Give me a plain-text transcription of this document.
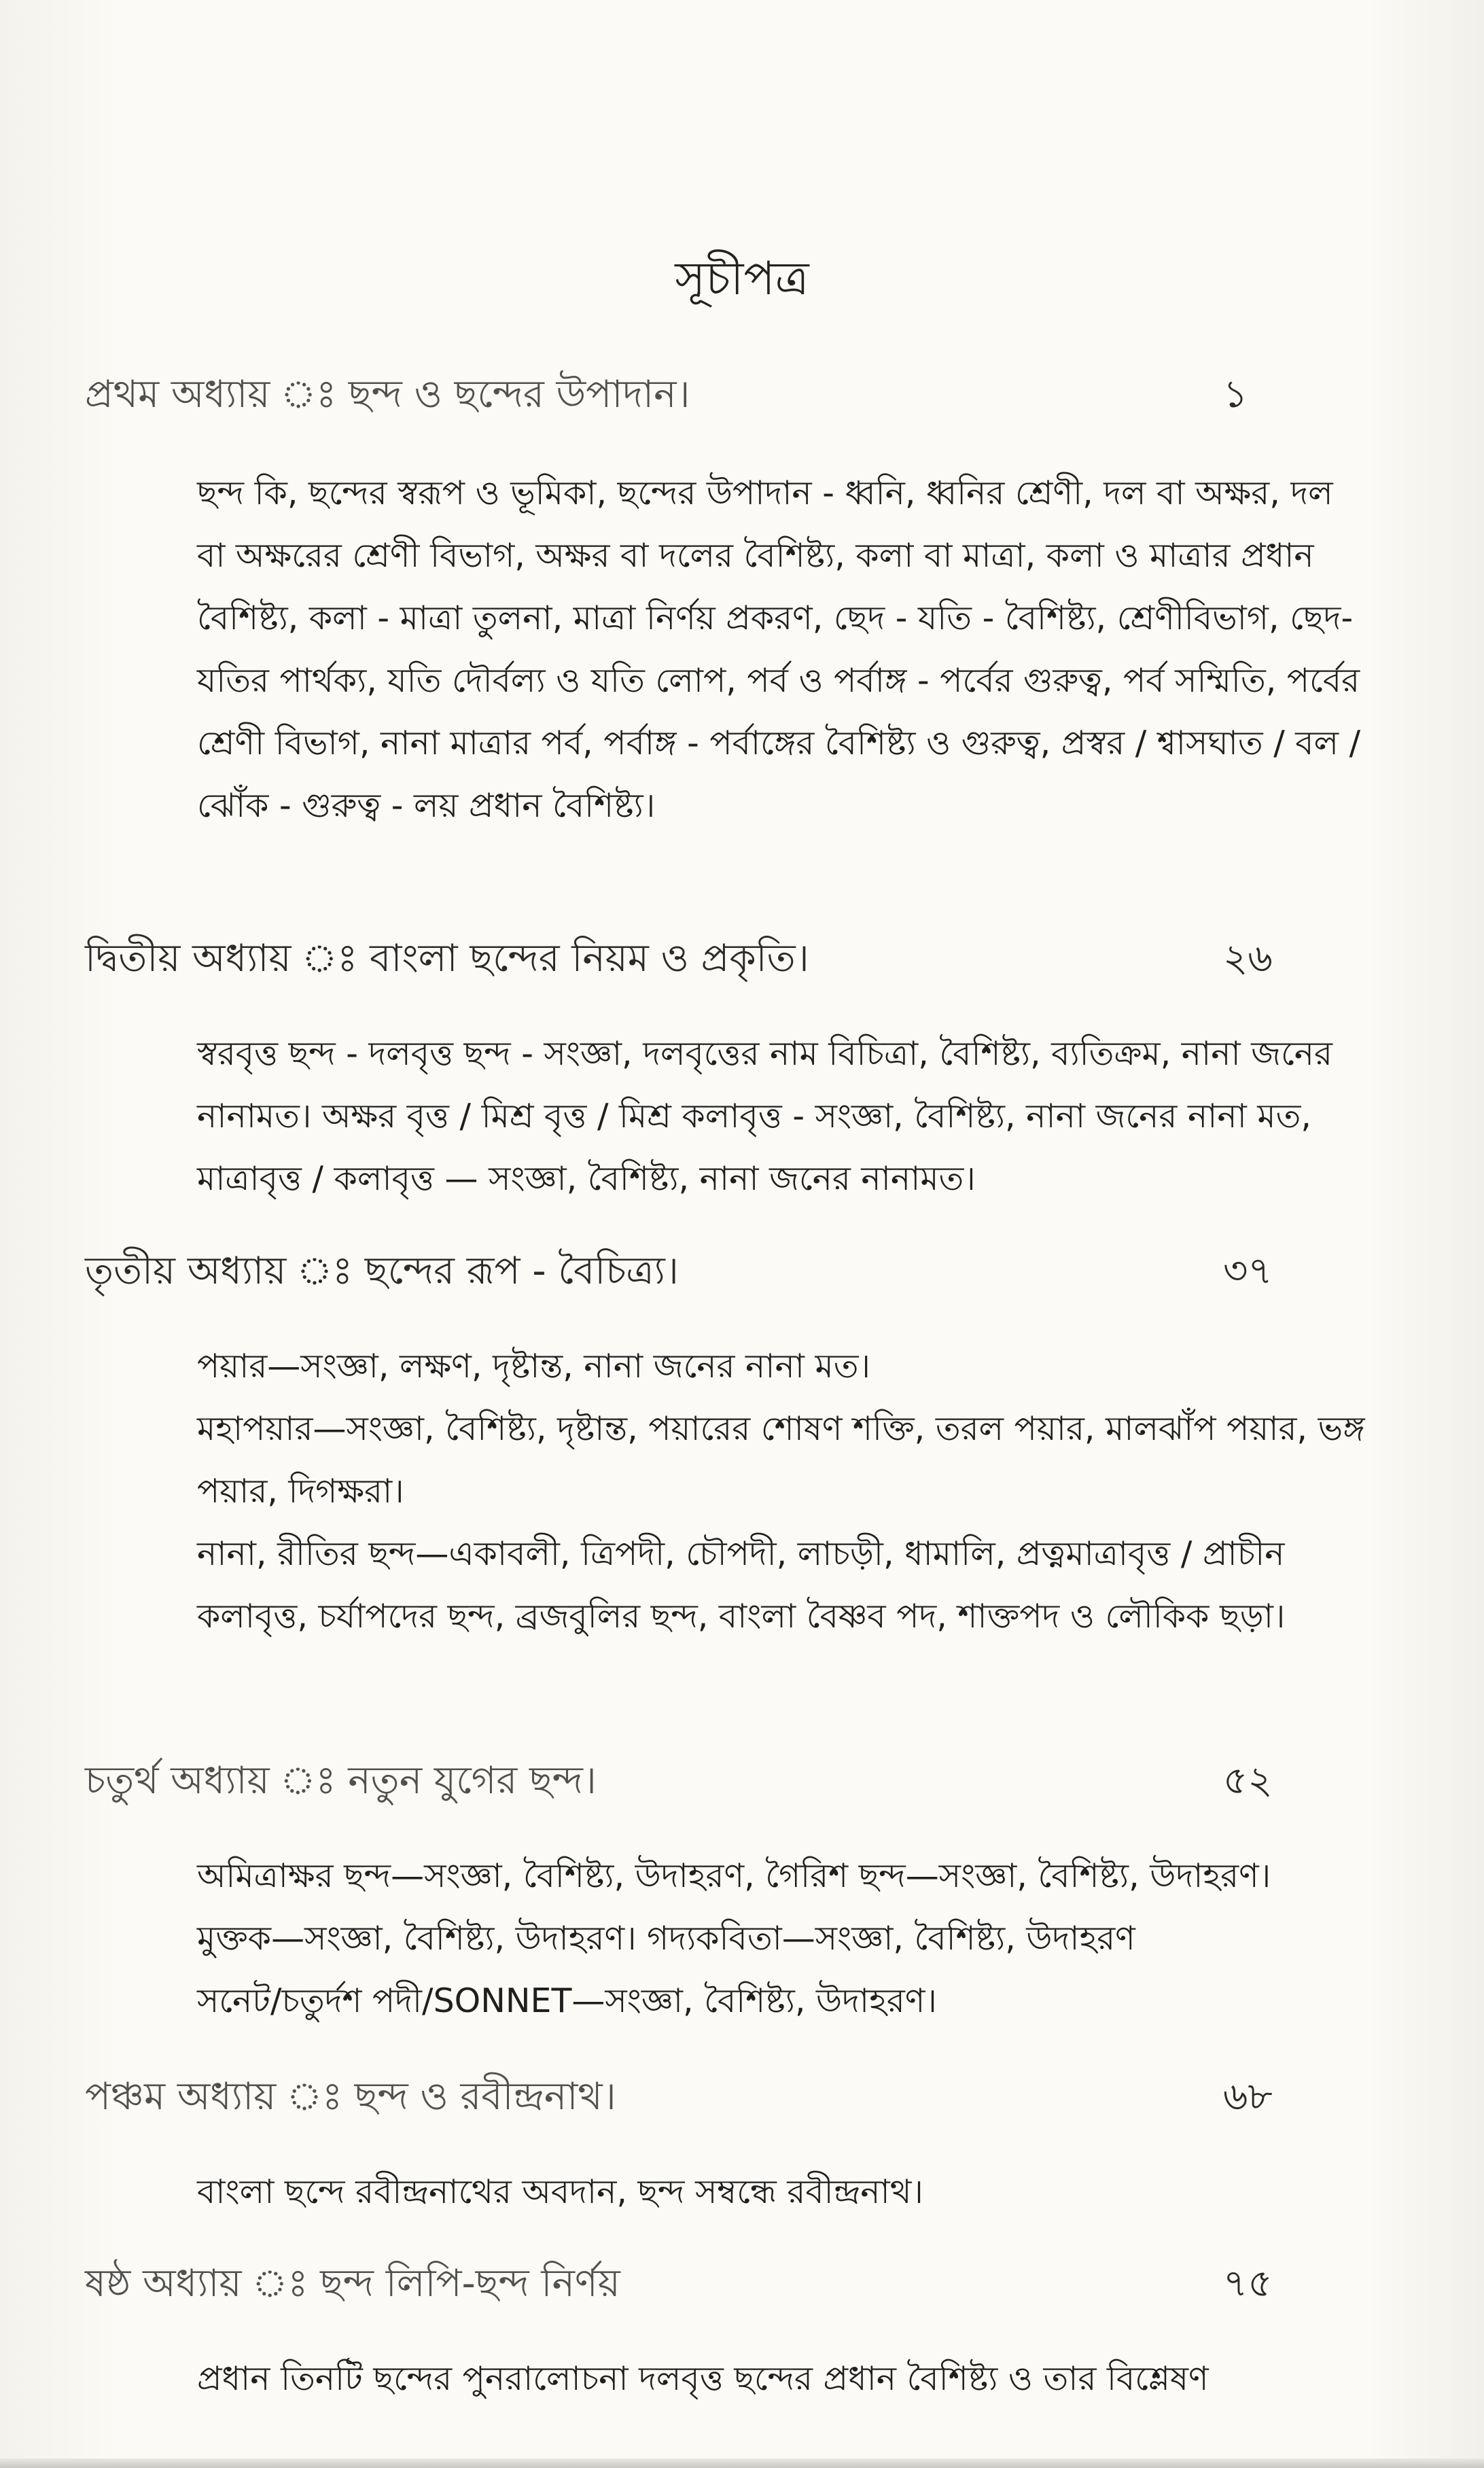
সূচীপত্র
প্রথম অধ্যায় ঃ ছন্দ ও ছন্দের উপাদান।	১
ছন্দ কি, ছন্দের স্বরূপ ও ভূমিকা, ছন্দের উপাদান - ধ্বনি, ধ্বনির শ্রেণী, দল বা অক্ষর, দল বা অক্ষরের শ্রেণী বিভাগ, অক্ষর বা দলের বৈশিষ্ট্য, কলা বা মাত্রা, কলা ও মাত্রার প্রধান বৈশিষ্ট্য, কলা - মাত্রা তুলনা, মাত্রা নির্ণয় প্রকরণ, ছেদ - যতি - বৈশিষ্ট্য, শ্রেণীবিভাগ, ছেদ-যতির পার্থক্য, যতি দৌর্বল্য ও যতি লোপ, পর্ব ও পর্বাঙ্গ - পর্বের গুরুত্ব, পর্ব সম্মিতি, পর্বের শ্রেণী বিভাগ, নানা মাত্রার পর্ব, পর্বাঙ্গ - পর্বাঙ্গের বৈশিষ্ট্য ও গুরুত্ব, প্রস্বর / শ্বাসঘাত / বল / ঝোঁক - গুরুত্ব - লয় প্রধান বৈশিষ্ট্য।
দ্বিতীয় অধ্যায় ঃ বাংলা ছন্দের নিয়ম ও প্রকৃতি।	২৬
স্বরবৃত্ত ছন্দ - দলবৃত্ত ছন্দ - সংজ্ঞা, দলবৃত্তের নাম বিচিত্রা, বৈশিষ্ট্য, ব্যতিক্রম, নানা জনের নানামত। অক্ষর বৃত্ত / মিশ্র বৃত্ত / মিশ্র কলাবৃত্ত - সংজ্ঞা, বৈশিষ্ট্য, নানা জনের নানা মত, মাত্রাবৃত্ত / কলাবৃত্ত — সংজ্ঞা, বৈশিষ্ট্য, নানা জনের নানামত।
তৃতীয় অধ্যায় ঃ ছন্দের রূপ - বৈচিত্র্য।	৩৭
পয়ার—সংজ্ঞা, লক্ষণ, দৃষ্টান্ত, নানা জনের নানা মত।
মহাপয়ার—সংজ্ঞা, বৈশিষ্ট্য, দৃষ্টান্ত, পয়ারের শোষণ শক্তি, তরল পয়ার, মালঝাঁপ পয়ার, ভঙ্গ পয়ার, দিগক্ষরা।
নানা, রীতির ছন্দ—একাবলী, ত্রিপদী, চৌপদী, লাচড়ী, ধামালি, প্রত্নমাত্রাবৃত্ত / প্রাচীন কলাবৃত্ত, চর্যাপদের ছন্দ, ব্রজবুলির ছন্দ, বাংলা বৈষ্ণব পদ, শাক্তপদ ও লৌকিক ছড়া।
চতুর্থ অধ্যায় ঃ নতুন যুগের ছন্দ।	৫২
অমিত্রাক্ষর ছন্দ—সংজ্ঞা, বৈশিষ্ট্য, উদাহরণ, গৈরিশ ছন্দ—সংজ্ঞা, বৈশিষ্ট্য, উদাহরণ।
মুক্তক—সংজ্ঞা, বৈশিষ্ট্য, উদাহরণ। গদ্যকবিতা—সংজ্ঞা, বৈশিষ্ট্য, উদাহরণ
সনেট/চতুর্দশ পদী/SONNET—সংজ্ঞা, বৈশিষ্ট্য, উদাহরণ।
পঞ্চম অধ্যায় ঃ ছন্দ ও রবীন্দ্রনাথ।	৬৮
বাংলা ছন্দে রবীন্দ্রনাথের অবদান, ছন্দ সম্বন্ধে রবীন্দ্রনাথ।
ষষ্ঠ অধ্যায় ঃ ছন্দ লিপি-ছন্দ নির্ণয়	৭৫
প্রধান তিনটি ছন্দের পুনরালোচনা দলবৃত্ত ছন্দের প্রধান বৈশিষ্ট্য ও তার বিশ্লেষণ
